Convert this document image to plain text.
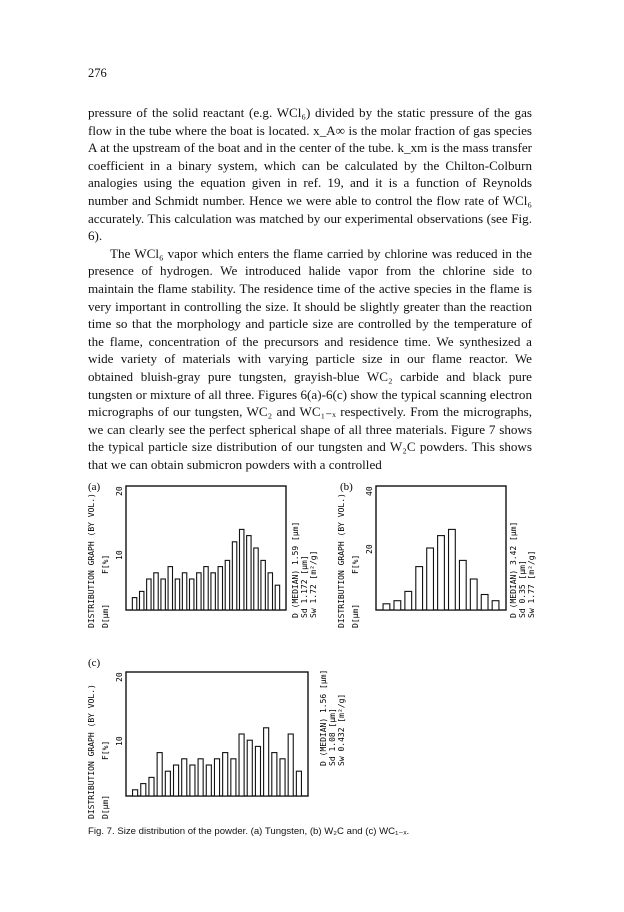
276

pressure of the solid reactant (e.g. WCl₆) divided by the static pressure of the gas flow in the tube where the boat is located. x_A∞ is the molar fraction of gas species A at the upstream of the boat and in the center of the tube. k_xm is the mass transfer coefficient in a binary system, which can be calculated by the Chilton-Colburn analogies using the equation given in ref. 19, and it is a function of Reynolds number and Schmidt number. Hence we were able to control the flow rate of WCl₆ accurately. This calculation was matched by our experimental observations (see Fig. 6).

The WCl₆ vapor which enters the flame carried by chlorine was reduced in the presence of hydrogen. We introduced halide vapor from the chlorine side to maintain the flame stability. The residence time of the active species in the flame is very important in controlling the size. It should be slightly greater than the reaction time so that the morphology and particle size are controlled by the temperature of the flame, concentration of the precursors and residence time. We synthesized a wide variety of materials with varying particle size in our flame reactor. We obtained bluish-gray pure tungsten, grayish-blue WC₂ carbide and black pure tungsten or mixture of all three. Figures 6(a)-6(c) show the typical scanning electron micrographs of our tungsten, WC₂ and WC₁₋ₓ respectively. From the micrographs, we can clearly see the perfect spherical shape of all three materials. Figure 7 shows the typical particle size distribution of our tungsten and W₂C powders. This shows that we can obtain submicron powders with a controlled

(a)
DISTRIBUTION GRAPH (BY VOL.) F[%]
D[μm]
20
10	D (MEDIAN) 1.59 [μm] Sd 1.172 [μm] Sw 1.72 [m²/g]
(b)
DISTRIBUTION GRAPH (BY VOL.) F[%]
D[μm]
40
20	D (MEDIAN) 3.42 [μm] Sd 0.35 [μm] Sw 1.77 [m²/g]
(c)
DISTRIBUTION GRAPH (BY VOL.) F[%]
D[μm]
20
10	D (MEDIAN) 1.56 [μm] Sd 1.08 [μm] Sw 0.432 [m²/g]
Fig. 7. Size distribution of the powder. (a) Tungsten, (b) W₂C and (c) WC₁₋ₓ.
